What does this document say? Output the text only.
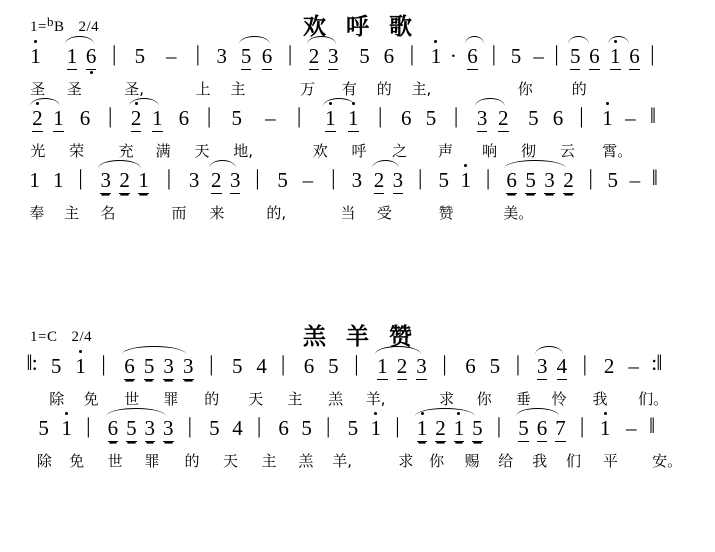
1=bB 2/4	欢 呼 歌
1 1 6 | 5 – | 3 5 6 | 2 3 5 6 | 1 · 6 | 5 – | 5 6 1 6 |
圣 圣	圣,	上 主	万 有 的 主,	你	的
2 1 6 | 2 1 6 | 5 – | 1 1 | 6 5 | 3 2 5 6 | 1 – ‖
光 荣 充 满 天 地,	欢 呼 之 声 响 彻 云 霄。
1 1 | 3 2 1 | 3 2 3 | 5 – | 3 2 3 | 5 1 | 6 5 3 2 | 5 – ‖
奉 主 名	而 来	的,	当 受	赞	美。
1=C 2/4	羔 羊 赞
‖: 5 1 | 6 5 3 3 | 5 4 | 6 5 | 1 2 3 | 6 5 | 3 4 | 2 – :‖
除 免 世 罪 的 天 主 羔 羊,	求 你 垂 怜 我 们。
5 1 | 6 5 3 3 | 5 4 | 6 5 | 5 1 | 1 2 1 5 | 5 6 7 | 1 – ‖
除 免 世 罪 的 天 主 羔 羊,	求 你 赐 给 我 们 平 安。
